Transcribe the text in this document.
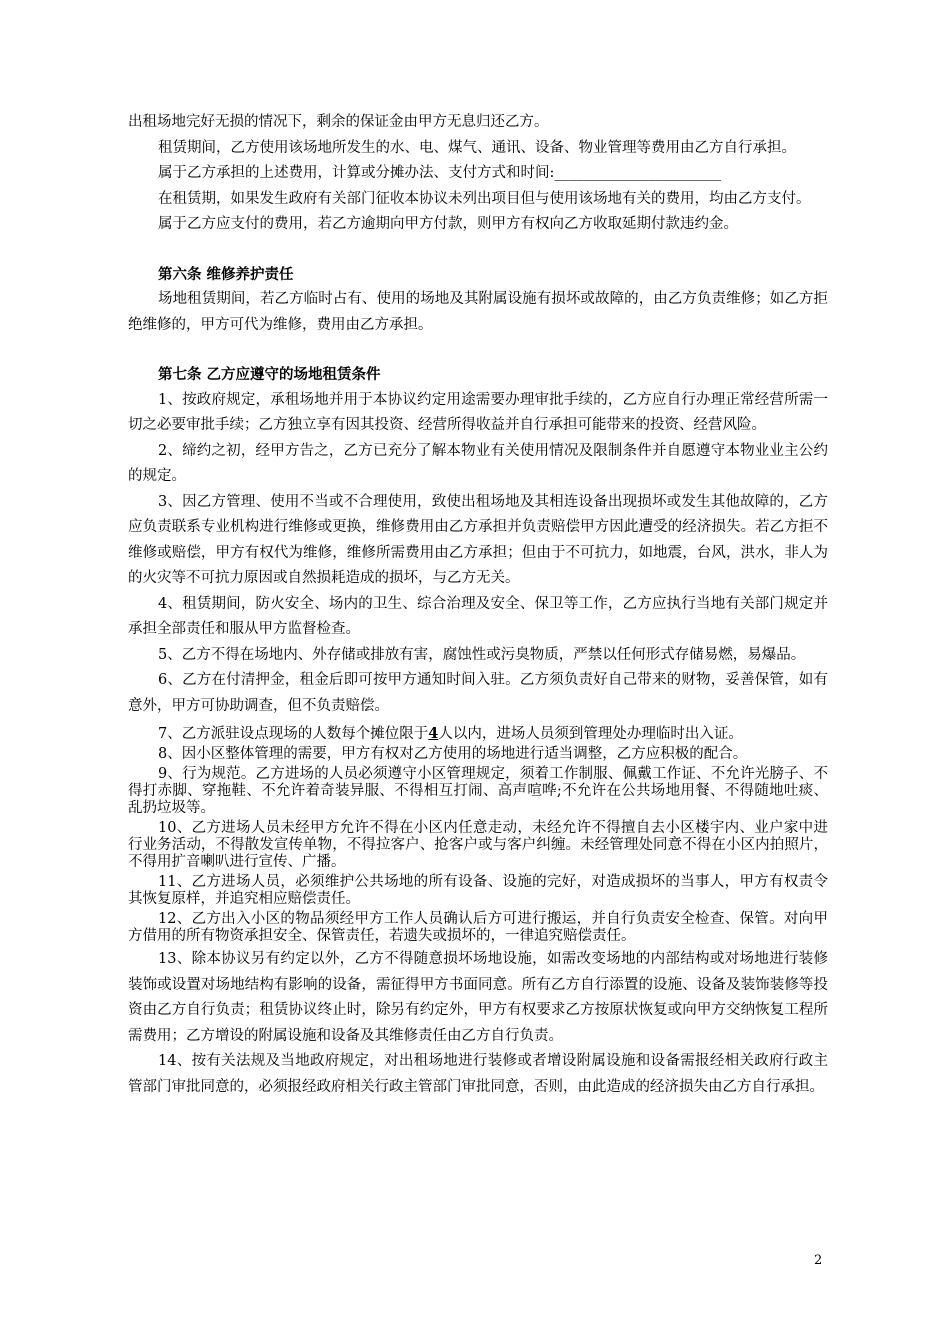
出租场地完好无损的情况下，剩余的保证金由甲方无息归还乙方。

租赁期间，乙方使用该场地所发生的水、电、煤气、通讯、设备、物业管理等费用由乙方自行承担。

属于乙方承担的上述费用，计算或分摊办法、支付方式和时间:_______________________

在租赁期，如果发生政府有关部门征收本协议未列出项目但与使用该场地有关的费用，均由乙方支付。

属于乙方应支付的费用，若乙方逾期向甲方付款，则甲方有权向乙方收取延期付款违约金。

第六条 维修养护责任

场地租赁期间，若乙方临时占有、使用的场地及其附属设施有损坏或故障的，由乙方负责维修；如乙方拒绝维修的，甲方可代为维修，费用由乙方承担。

第七条 乙方应遵守的场地租赁条件

1、按政府规定，承租场地并用于本协议约定用途需要办理审批手续的，乙方应自行办理正常经营所需一切之必要审批手续；乙方独立享有因其投资、经营所得收益并自行承担可能带来的投资、经营风险。

2、缔约之初，经甲方告之，乙方已充分了解本物业有关使用情况及限制条件并自愿遵守本物业业主公约的规定。

3、因乙方管理、使用不当或不合理使用，致使出租场地及其相连设备出现损坏或发生其他故障的，乙方应负责联系专业机构进行维修或更换，维修费用由乙方承担并负责赔偿甲方因此遭受的经济损失。若乙方拒不维修或赔偿，甲方有权代为维修，维修所需费用由乙方承担；但由于不可抗力，如地震，台风，洪水，非人为的火灾等不可抗力原因或自然损耗造成的损坏，与乙方无关。

4、租赁期间，防火安全、场内的卫生、综合治理及安全、保卫等工作，乙方应执行当地有关部门规定并承担全部责任和服从甲方监督检查。

5、乙方不得在场地内、外存储或排放有害，腐蚀性或污臭物质，严禁以任何形式存储易燃，易爆品。

6、乙方在付清押金，租金后即可按甲方通知时间入驻。乙方须负责好自己带来的财物，妥善保管，如有意外，甲方可协助调查，但不负责赔偿。

7、乙方派驻设点现场的人数每个摊位限于4人以内，进场人员须到管理处办理临时出入证。

8、因小区整体管理的需要，甲方有权对乙方使用的场地进行适当调整，乙方应积极的配合。

9、行为规范。乙方进场的人员必须遵守小区管理规定，须着工作制服、佩戴工作证、不允许光膀子、不得打赤脚、穿拖鞋、不允许着奇装异服、不得相互打闹、高声喧哗;不允许在公共场地用餐、不得随地吐痰、乱扔垃圾等。

10、乙方进场人员未经甲方允许不得在小区内任意走动，未经允许不得擅自去小区楼宇内、业户家中进行业务活动，不得散发宣传单物，不得拉客户、抢客户或与客户纠缠。未经管理处同意不得在小区内拍照片，不得用扩音喇叭进行宣传、广播。

11、乙方进场人员，必须维护公共场地的所有设备、设施的完好，对造成损坏的当事人，甲方有权责令其恢复原样，并追究相应赔偿责任。

12、乙方出入小区的物品须经甲方工作人员确认后方可进行搬运，并自行负责安全检查、保管。对向甲方借用的所有物资承担安全、保管责任，若遗失或损坏的，一律追究赔偿责任。

13、除本协议另有约定以外，乙方不得随意损坏场地设施，如需改变场地的内部结构或对场地进行装修装饰或设置对场地结构有影响的设备，需征得甲方书面同意。所有乙方自行添置的设施、设备及装饰装修等投资由乙方自行负责；租赁协议终止时，除另有约定外，甲方有权要求乙方按原状恢复或向甲方交纳恢复工程所需费用；乙方增设的附属设施和设备及其维修责任由乙方自行负责。

14、按有关法规及当地政府规定，对出租场地进行装修或者增设附属设施和设备需报经相关政府行政主管部门审批同意的，必须报经政府相关行政主管部门审批同意，否则，由此造成的经济损失由乙方自行承担。

2
